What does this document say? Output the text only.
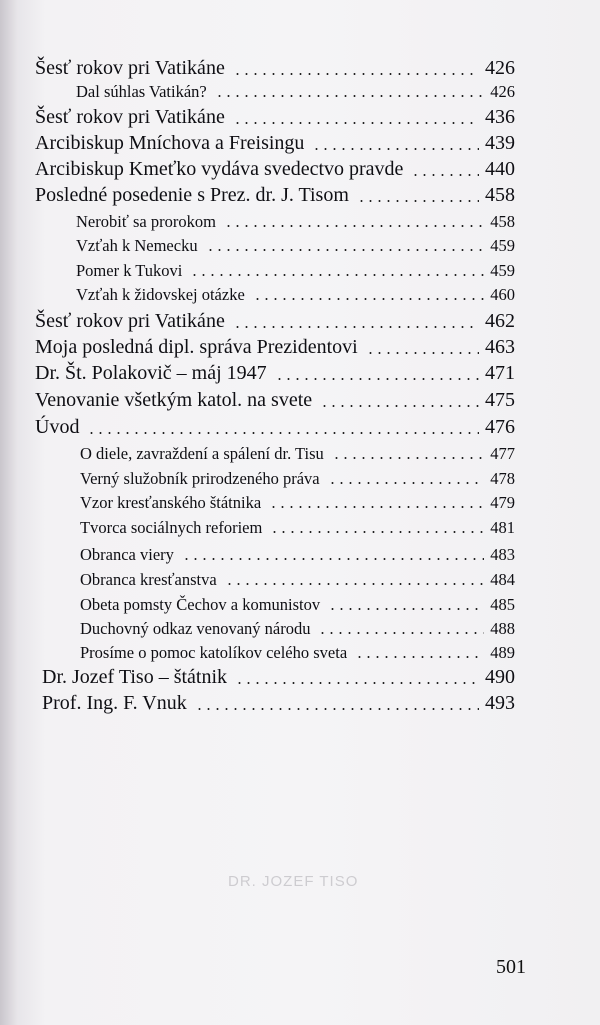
DR. JOZEF TISO
Šesť rokov pri Vatikáne	426
Dal súhlas Vatikán?	426
Šesť rokov pri Vatikáne	436
Arcibiskup Mníchova a Freisingu	439
Arcibiskup Kmeťko vydáva svedectvo pravde	440
Posledné posedenie s Prez. dr. J. Tisom	458
Nerobiť sa prorokom	458
Vzťah k Nemecku	459
Pomer k Tukovi	459
Vzťah k židovskej otázke	460
Šesť rokov pri Vatikáne	462
Moja posledná dipl. správa Prezidentovi	463
Dr. Št. Polakovič – máj 1947	471
Venovanie všetkým katol. na svete	475
Úvod	476
O diele, zavraždení a spálení dr. Tisu	477
Verný služobník prirodzeného práva	478
Vzor kresťanského štátnika	479
Tvorca sociálnych reforiem	481
Obranca viery	483
Obranca kresťanstva	484
Obeta pomsty Čechov a komunistov	485
Duchovný odkaz venovaný národu	488
Prosíme o pomoc katolíkov celého sveta	489
Dr. Jozef Tiso – štátnik	490
Prof. Ing. F. Vnuk	493
501
